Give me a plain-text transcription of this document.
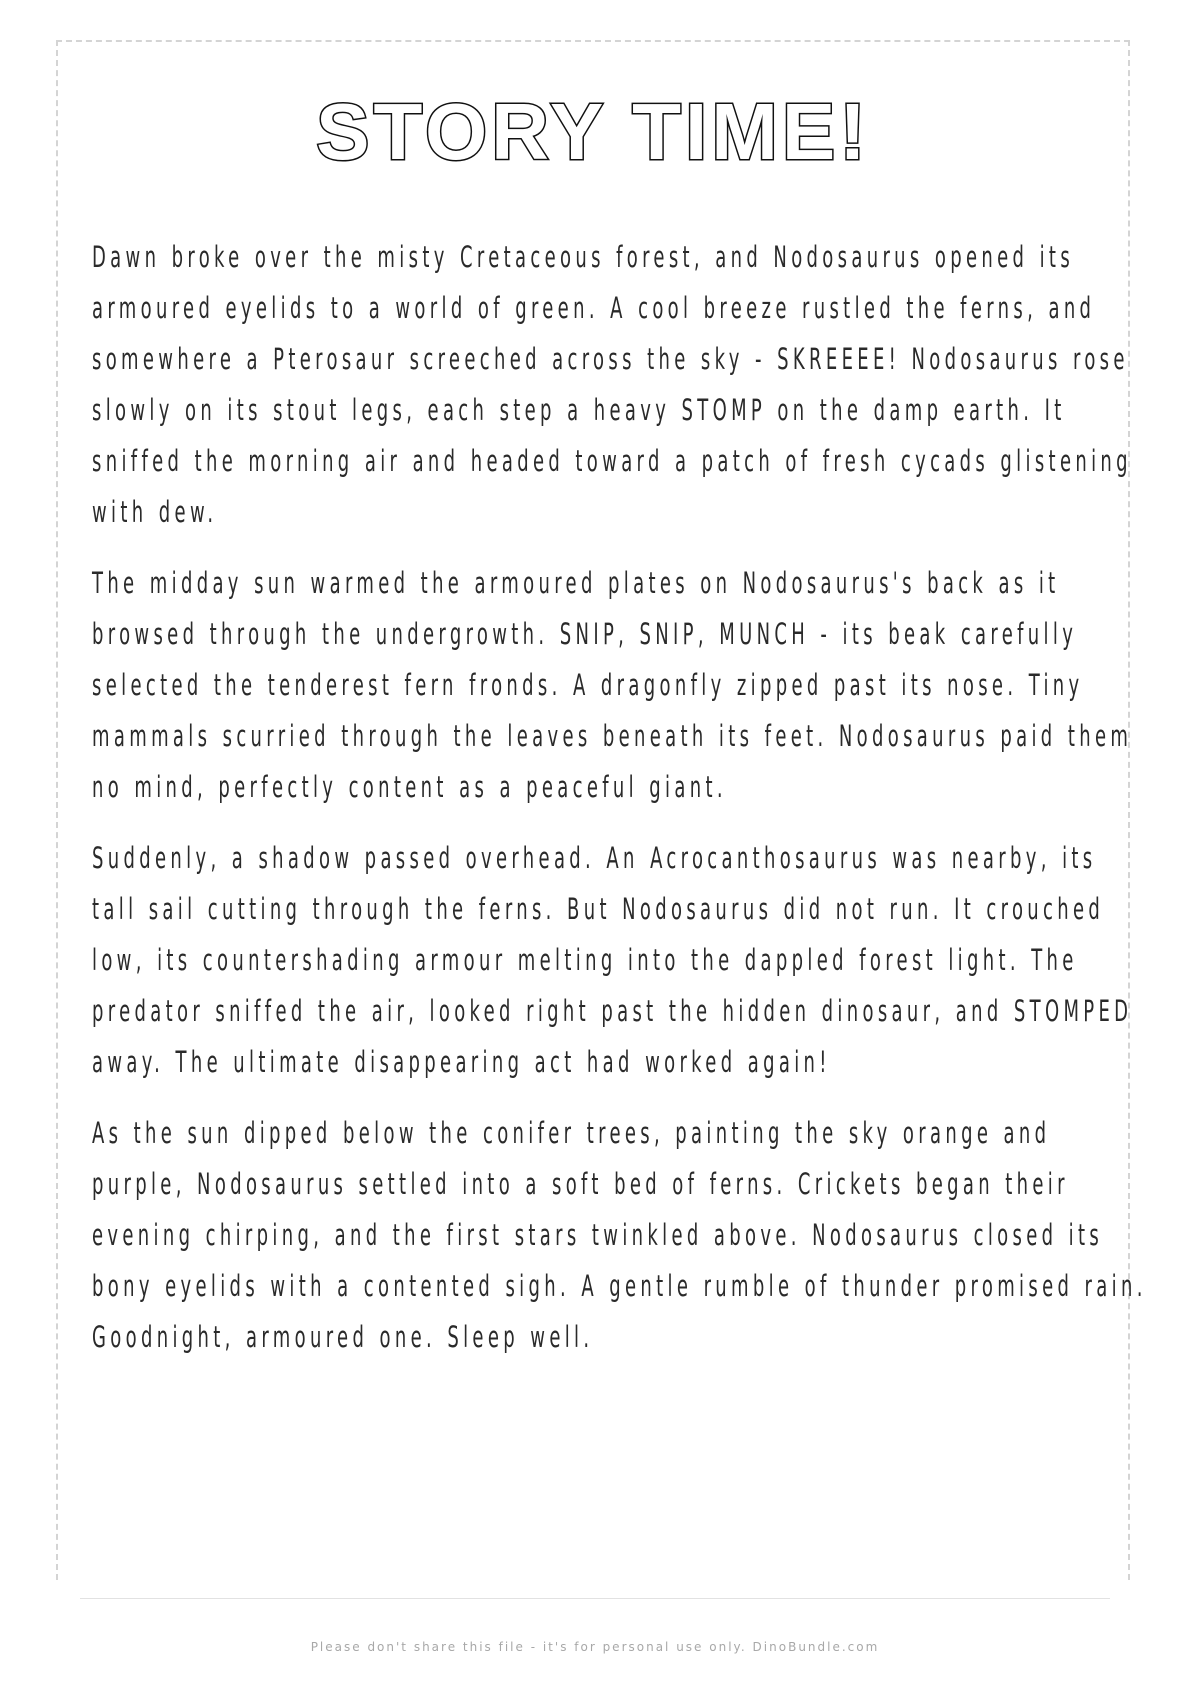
STORY TIME!

Dawn broke over the misty Cretaceous forest, and Nodosaurus opened its armoured eyelids to a world of green. A cool breeze rustled the ferns, and somewhere a Pterosaur screeched across the sky - SKREEEE! Nodosaurus rose slowly on its stout legs, each step a heavy STOMP on the damp earth. It sniffed the morning air and headed toward a patch of fresh cycads glistening with dew.

The midday sun warmed the armoured plates on Nodosaurus's back as it browsed through the undergrowth. SNIP, SNIP, MUNCH - its beak carefully selected the tenderest fern fronds. A dragonfly zipped past its nose. Tiny mammals scurried through the leaves beneath its feet. Nodosaurus paid them no mind, perfectly content as a peaceful giant.

Suddenly, a shadow passed overhead. An Acrocanthosaurus was nearby, its tall sail cutting through the ferns. But Nodosaurus did not run. It crouched low, its countershading armour melting into the dappled forest light. The predator sniffed the air, looked right past the hidden dinosaur, and STOMPED away. The ultimate disappearing act had worked again!

As the sun dipped below the conifer trees, painting the sky orange and purple, Nodosaurus settled into a soft bed of ferns. Crickets began their evening chirping, and the first stars twinkled above. Nodosaurus closed its bony eyelids with a contented sigh. A gentle rumble of thunder promised rain. Goodnight, armoured one. Sleep well.

Please don't share this file - it's for personal use only. DinoBundle.com
